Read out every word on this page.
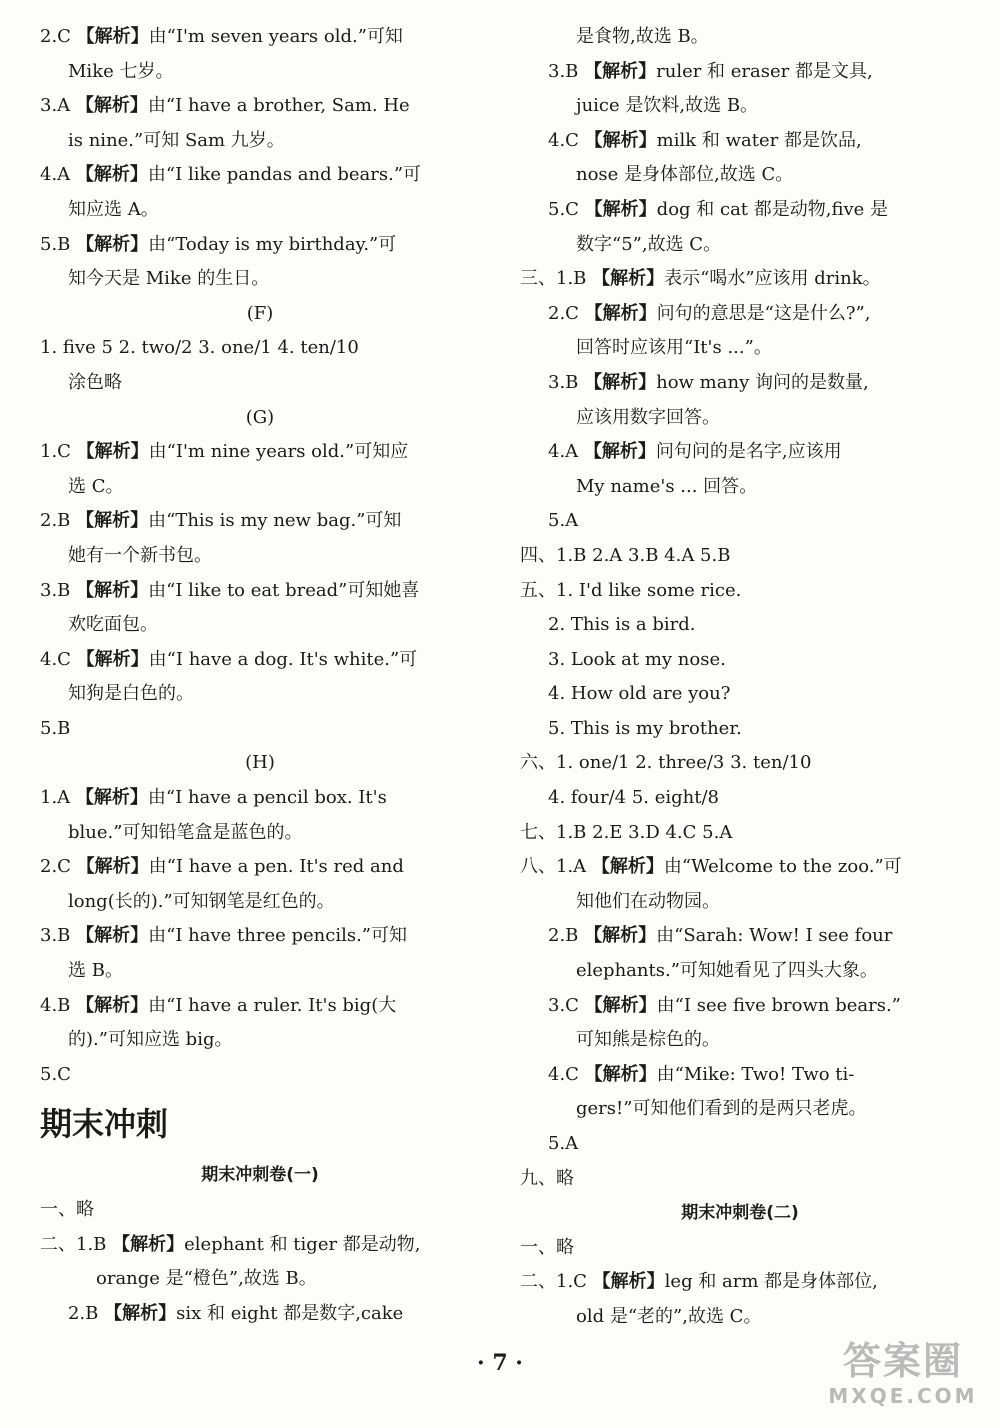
2.C 【解析】由“I'm seven years old.”可知
Mike 七岁。
3.A 【解析】由“I have a brother, Sam. He
is nine.”可知 Sam 九岁。
4.A 【解析】由“I like pandas and bears.”可
知应选 A。
5.B 【解析】由“Today is my birthday.”可
知今天是 Mike 的生日。
(F)
1. five 5 2. two/2 3. one/1 4. ten/10
涂色略
(G)
1.C 【解析】由“I'm nine years old.”可知应
选 C。
2.B 【解析】由“This is my new bag.”可知
她有一个新书包。
3.B 【解析】由“I like to eat bread”可知她喜
欢吃面包。
4.C 【解析】由“I have a dog. It's white.”可
知狗是白色的。
5.B
(H)
1.A 【解析】由“I have a pencil box. It's
blue.”可知铅笔盒是蓝色的。
2.C 【解析】由“I have a pen. It's red and
long(长的).”可知钢笔是红色的。
3.B 【解析】由“I have three pencils.”可知
选 B。
4.B 【解析】由“I have a ruler. It's big(大
的).”可知应选 big。
5.C
期末冲刺
期末冲刺卷(一)
一、略
二、1.B 【解析】elephant 和 tiger 都是动物,
orange 是“橙色”,故选 B。
2.B 【解析】six 和 eight 都是数字,cake
是食物,故选 B。
3.B 【解析】ruler 和 eraser 都是文具,
juice 是饮料,故选 B。
4.C 【解析】milk 和 water 都是饮品,
nose 是身体部位,故选 C。
5.C 【解析】dog 和 cat 都是动物,five 是
数字“5”,故选 C。
三、1.B 【解析】表示“喝水”应该用 drink。
2.C 【解析】问句的意思是“这是什么?”,
回答时应该用“It's ...”。
3.B 【解析】how many 询问的是数量,
应该用数字回答。
4.A 【解析】问句问的是名字,应该用
My name's ... 回答。
5.A
四、1.B 2.A 3.B 4.A 5.B
五、1. I'd like some rice.
2. This is a bird.
3. Look at my nose.
4. How old are you?
5. This is my brother.
六、1. one/1 2. three/3 3. ten/10
4. four/4 5. eight/8
七、1.B 2.E 3.D 4.C 5.A
八、1.A 【解析】由“Welcome to the zoo.”可
知他们在动物园。
2.B 【解析】由“Sarah: Wow! I see four
elephants.”可知她看见了四头大象。
3.C 【解析】由“I see five brown bears.”
可知熊是棕色的。
4.C 【解析】由“Mike: Two! Two ti-
gers!”可知他们看到的是两只老虎。
5.A
九、略
期末冲刺卷(二)
一、略
二、1.C 【解析】leg 和 arm 都是身体部位,
old 是“老的”,故选 C。
· 7 ·	答案圈
MXQE.COM
